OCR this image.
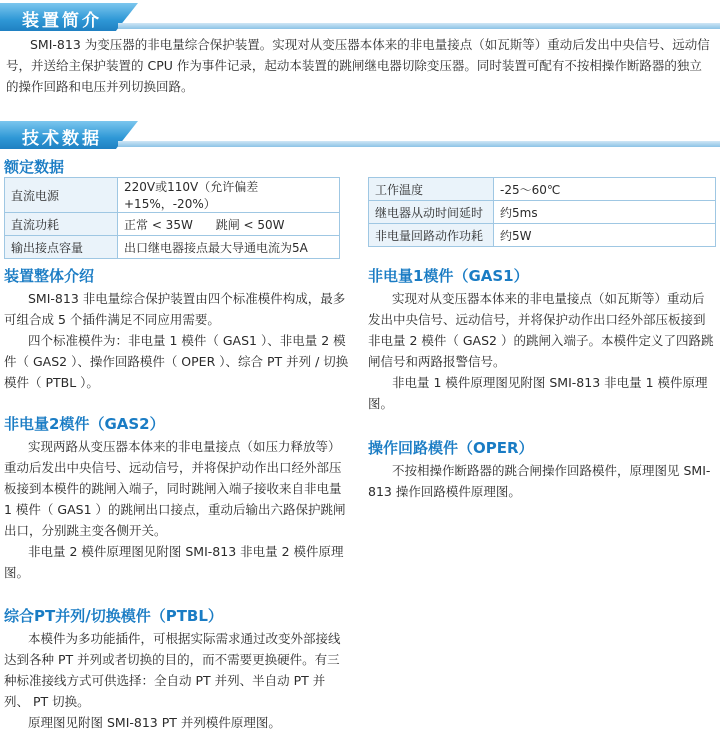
装置简介

SMI-813 为变压器的非电量综合保护装置。实现对从变压器本体来的非电量接点（如瓦斯等）重动后发出中央信号、远动信号，并送给主保护装置的 CPU 作为事件记录，起动本装置的跳闸继电器切除变压器。同时装置可配有不按相操作断路器的独立的操作回路和电压并列切换回路。

技术数据
额定数据
直流电源	220V或110V（允许偏差 +15%，-20%）
直流功耗	正常 < 35W      跳闸 < 50W
输出接点容量	出口继电器接点最大导通电流为5A
工作温度	-25～60℃
继电器从动时间延时	约5ms
非电量回路动作功耗	约5W
装置整体介绍

SMI-813 非电量综合保护装置由四个标准模件构成，最多可组合成 5 个插件满足不同应用需要。

四个标准模件为：非电量 1 模件（ GAS1 ）、非电量 2 模件（ GAS2 ）、操作回路模件（ OPER ）、综合 PT 并列 / 切换模件（ PTBL ）。

非电量1模件（GAS1）

实现对从变压器本体来的非电量接点（如瓦斯等）重动后发出中央信号、远动信号，并将保护动作出口经外部压板接到非电量 2 模件（ GAS2 ）的跳闸入端子。本模件定义了四路跳闸信号和两路报警信号。

非电量 1 模件原理图见附图 SMI-813 非电量 1 模件原理图。

非电量2模件（GAS2）

实现两路从变压器本体来的非电量接点（如压力释放等）重动后发出中央信号、远动信号，并将保护动作出口经外部压板接到本模件的跳闸入端子，同时跳闸入端子接收来自非电量 1 模件（ GAS1 ）的跳闸出口接点，重动后输出六路保护跳闸出口，分别跳主变各侧开关。

非电量 2 模件原理图见附图 SMI-813 非电量 2 模件原理图。

操作回路模件（OPER）

不按相操作断路器的跳合闸操作回路模件，原理图见 SMI-813 操作回路模件原理图。

综合PT并列/切换模件（PTBL）

本模件为多功能插件，可根据实际需求通过改变外部接线达到各种 PT 并列或者切换的目的，而不需要更换硬件。有三种标准接线方式可供选择：全自动 PT 并列、半自动 PT 并列、 PT 切换。

原理图见附图 SMI-813 PT 并列模件原理图。
